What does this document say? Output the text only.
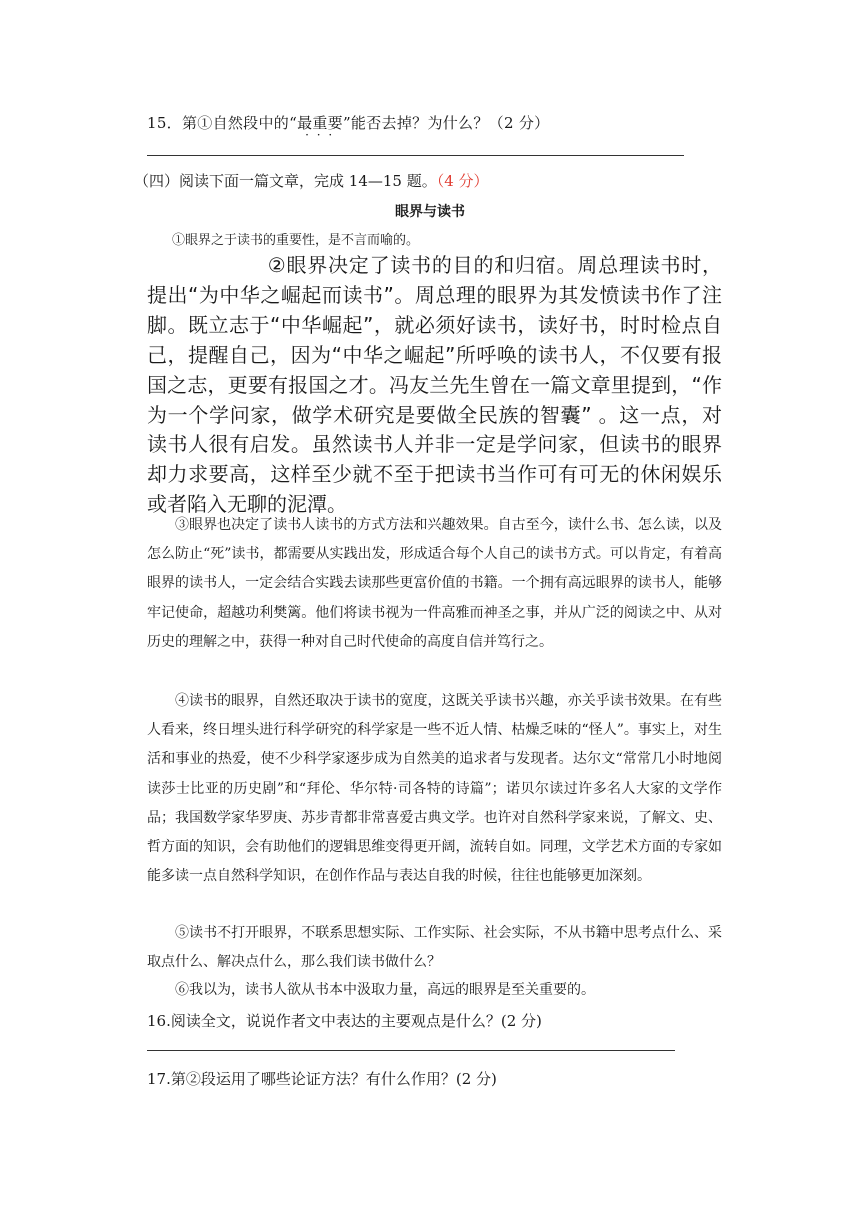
15．第①自然段中的“最重要 · · ·”能否去掉？为什么？（2 分）
（四）阅读下面一篇文章，完成 14—15 题。（4 分）
眼界与读书
①眼界之于读书的重要性，是不言而喻的。
②眼界决定了读书的目的和归宿。周总理读书时，提出“为中华之崛起而读书”。周总理的眼界为其发愤读书作了注脚。既立志于“中华崛起”，就必须好读书，读好书，时时检点自己，提醒自己，因为“中华之崛起”所呼唤的读书人，不仅要有报国之志，更要有报国之才。冯友兰先生曾在一篇文章里提到，“作为一个学问家，做学术研究是要做全民族的智囊” 。这一点，对读书人很有启发。虽然读书人并非一定是学问家，但读书的眼界却力求要高，这样至少就不至于把读书当作可有可无的休闲娱乐或者陷入无聊的泥潭。
③眼界也决定了读书人读书的方式方法和兴趣效果。自古至今，读什么书、怎么读，以及怎么防止“死”读书，都需要从实践出发，形成适合每个人自己的读书方式。可以肯定，有着高眼界的读书人，一定会结合实践去读那些更富价值的书籍。一个拥有高远眼界的读书人，能够牢记使命，超越功利樊篱。他们将读书视为一件高雅而神圣之事，并从广泛的阅读之中、从对历史的理解之中，获得一种对自己时代使命的高度自信并笃行之。
④读书的眼界，自然还取决于读书的宽度，这既关乎读书兴趣，亦关乎读书效果。在有些人看来，终日埋头进行科学研究的科学家是一些不近人情、枯燥乏味的“怪人”。事实上，对生活和事业的热爱，使不少科学家逐步成为自然美的追求者与发现者。达尔文“常常几小时地阅读莎士比亚的历史剧”和“拜伦、华尔特·司各特的诗篇”；诺贝尔读过许多名人大家的文学作品；我国数学家华罗庚、苏步青都非常喜爱古典文学。也许对自然科学家来说，了解文、史、哲方面的知识，会有助他们的逻辑思维变得更开阔，流转自如。同理，文学艺术方面的专家如能多读一点自然科学知识，在创作作品与表达自我的时候，往往也能够更加深刻。
⑤读书不打开眼界，不联系思想实际、工作实际、社会实际，不从书籍中思考点什么、采取点什么、解决点什么，那么我们读书做什么？
⑥我以为，读书人欲从书本中汲取力量，高远的眼界是至关重要的。
16.阅读全文，说说作者文中表达的主要观点是什么？(2 分)
17.第②段运用了哪些论证方法？有什么作用？(2 分)
